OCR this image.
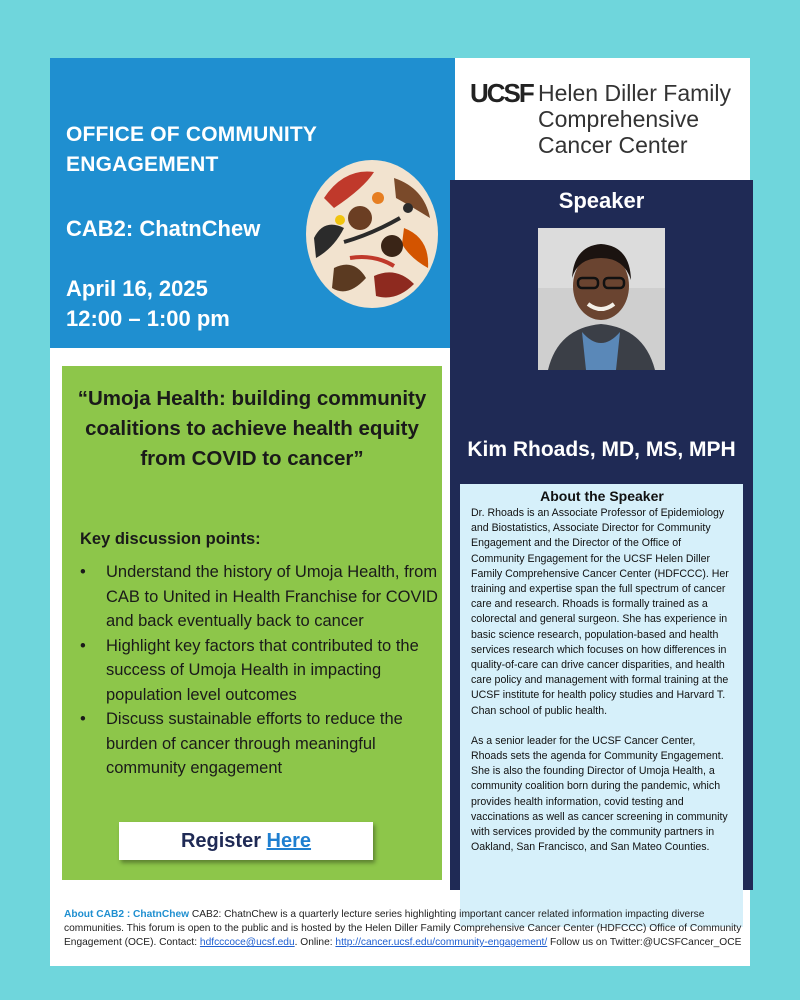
OFFICE OF COMMUNITY ENGAGEMENT
CAB2: ChatnChew
April 16, 2025
12:00 – 1:00 pm
UCSF Helen Diller Family
Comprehensive
Cancer Center
Speaker
Kim Rhoads, MD, MS, MPH
About the Speaker

Dr. Rhoads is an Associate Professor of Epidemiology and Biostatistics, Associate Director for Community Engagement and the Director of the Office of Community Engagement for the UCSF Helen Diller Family Comprehensive Cancer Center (HDFCCC). Her training and expertise span the full spectrum of cancer care and research. Rhoads is formally trained as a colorectal and general surgeon. She has experience in basic science research, population-based and health services research which focuses on how differences in quality-of-care can drive cancer disparities, and health care policy and management with formal training at the UCSF institute for health policy studies and Harvard T. Chan school of public health.

As a senior leader for the UCSF Cancer Center, Rhoads sets the agenda for Community Engagement. She is also the founding Director of Umoja Health, a community coalition born during the pandemic, which provides health information, covid testing and vaccinations as well as cancer screening in community with services provided by the community partners in Oakland, San Francisco, and San Mateo Counties.

“Umoja Health: building community coalitions to achieve health equity from COVID to cancer”
Key discussion points:
• Understand the history of Umoja Health, from CAB to United in Health Franchise for COVID and back eventually back to cancer
• Highlight key factors that contributed to the success of Umoja Health in impacting population level outcomes
• Discuss sustainable efforts to reduce the burden of cancer through meaningful community engagement
Register Here
About CAB2 : ChatnChew CAB2: ChatnChew is a quarterly lecture series highlighting important cancer related information impacting diverse communities. This forum is open to the public and is hosted by the Helen Diller Family Comprehensive Cancer Center (HDFCCC) Office of Community Engagement (OCE). Contact: hdfcccoce@ucsf.edu. Online: http://cancer.ucsf.edu/community-engagement/ Follow us on Twitter:@UCSFCancer_OCE
